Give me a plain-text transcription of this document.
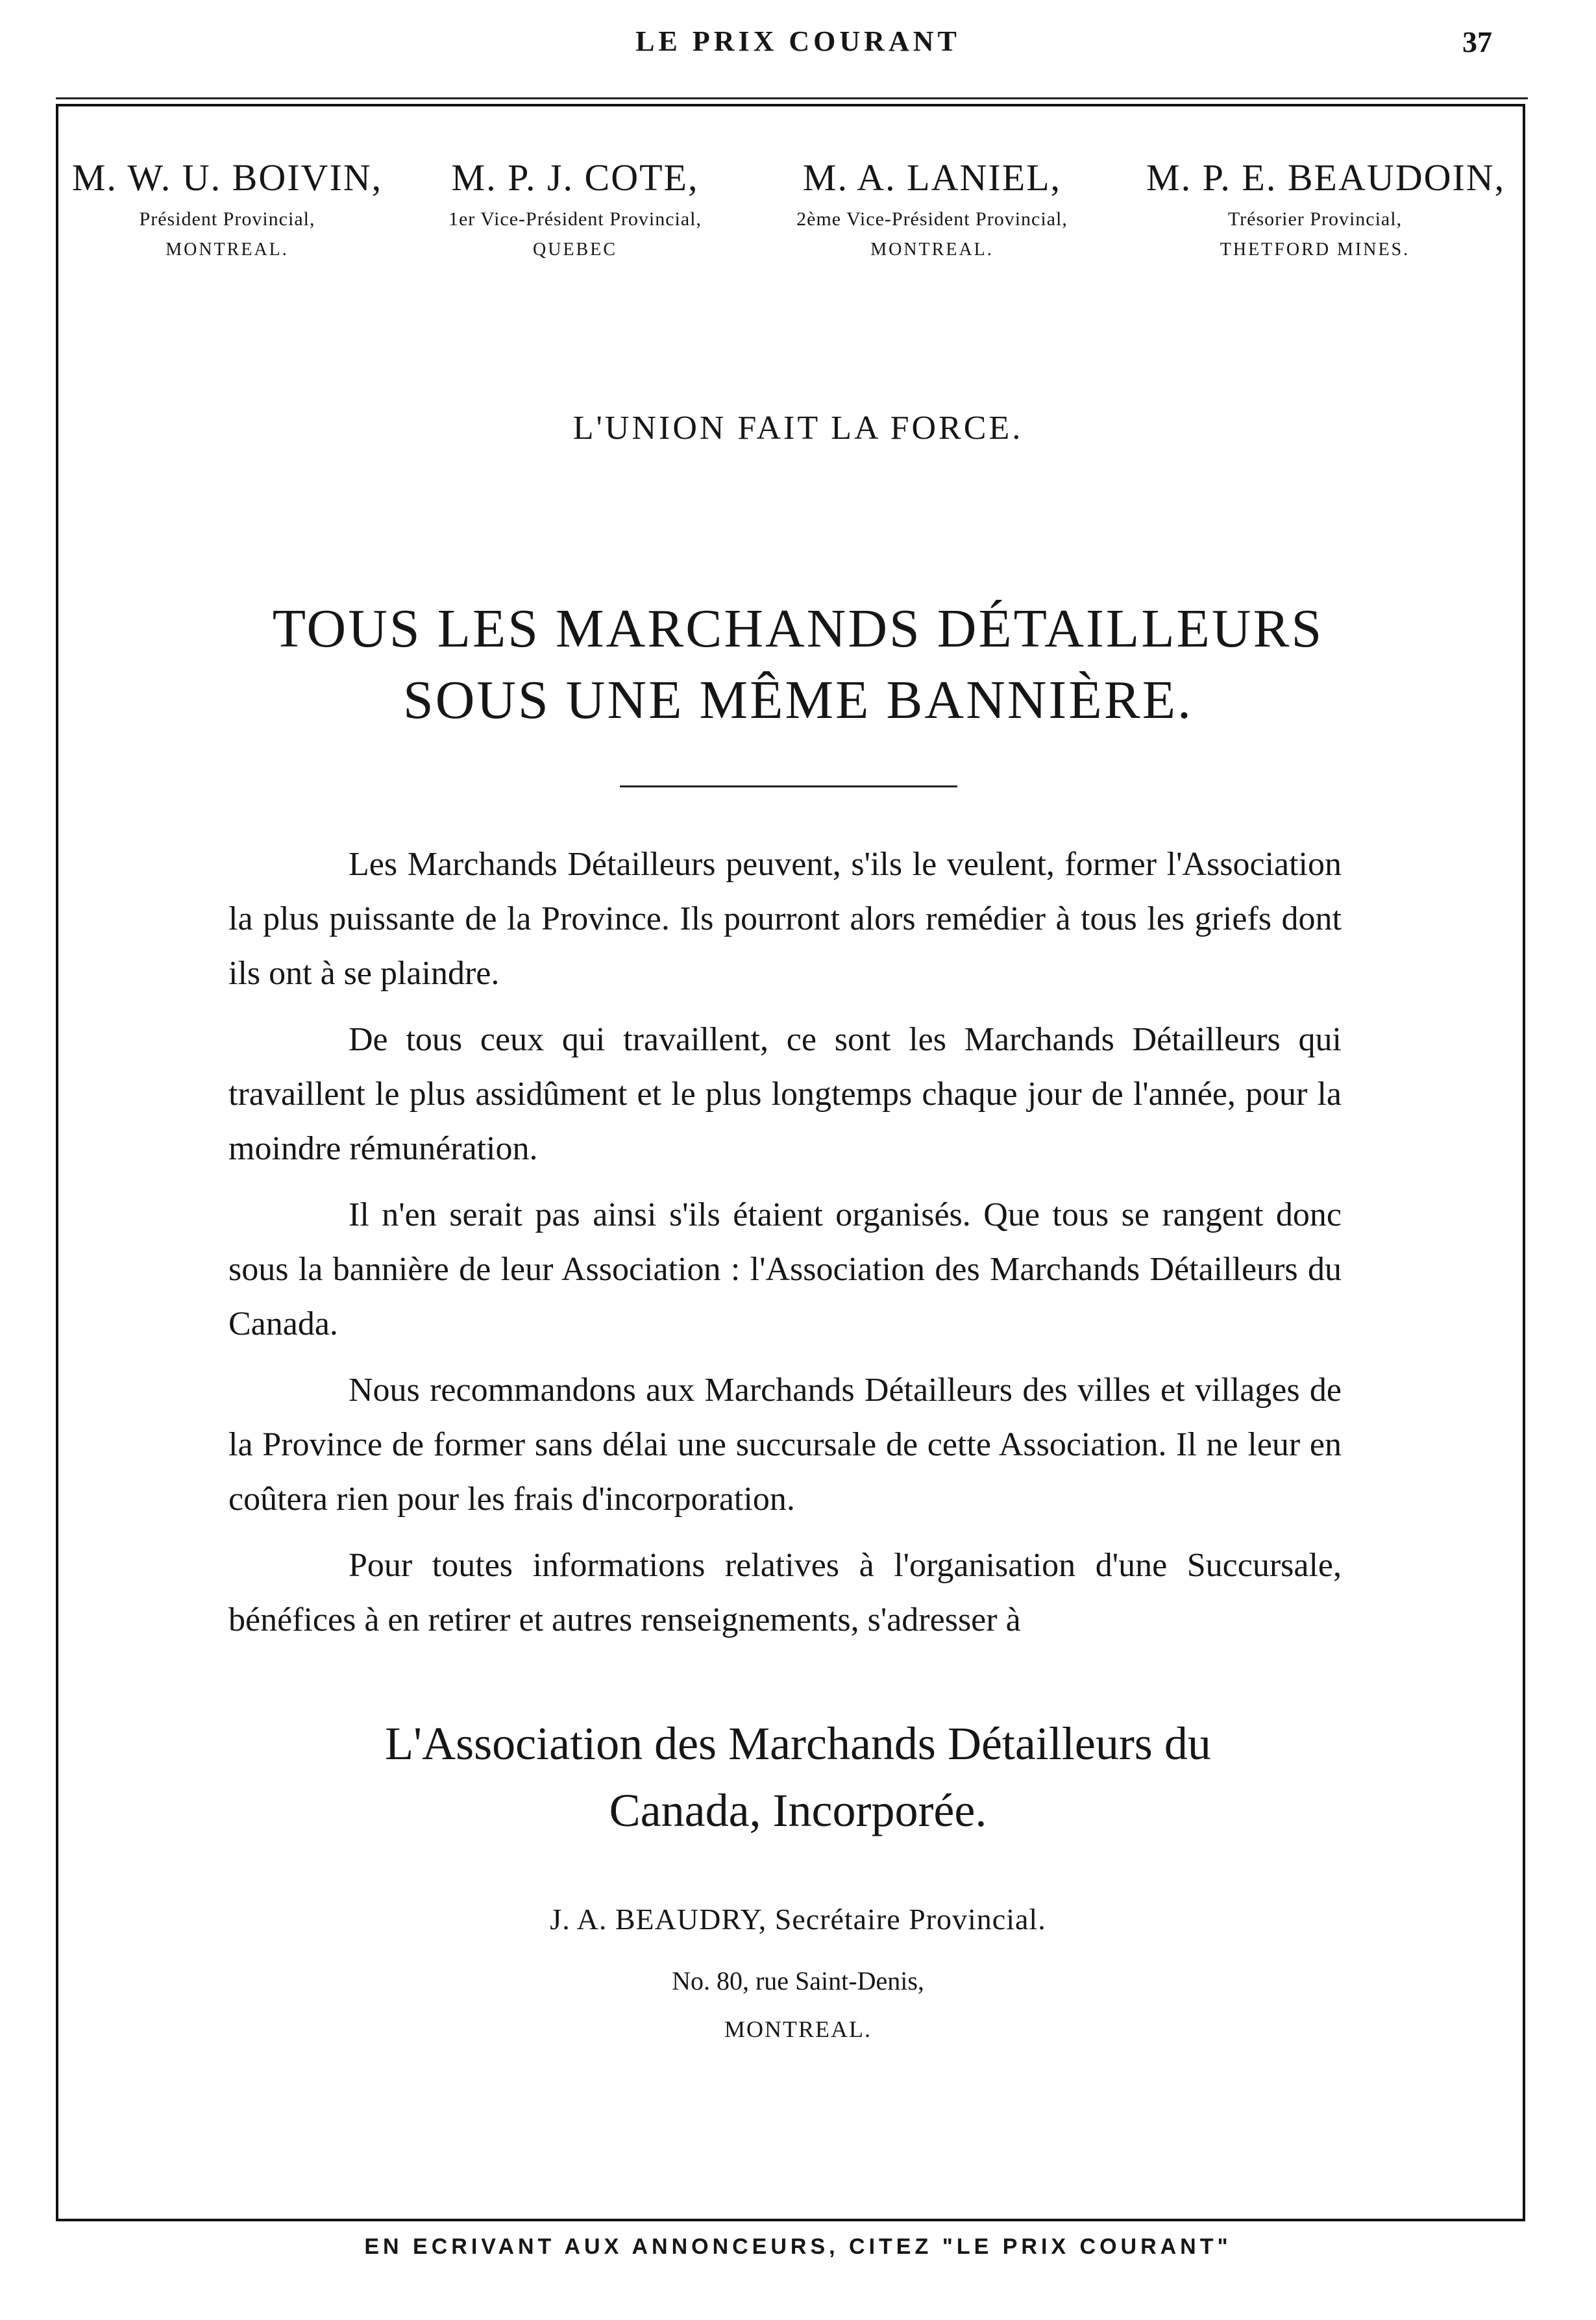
LE PRIX COURANT	37
M. W. U. BOIVIN,
Président Provincial,
MONTREAL.
M. P. J. COTE,
1er Vice-Président Provincial,
QUEBEC
M. A. LANIEL,
2ème Vice-Président Provincial,
MONTREAL.
M. P. E. BEAUDOIN,
Trésorier Provincial,
THETFORD MINES.
L'UNION FAIT LA FORCE.
TOUS LES MARCHANDS DÉTAILLEURS
SOUS UNE MÊME BANNIÈRE.

Les Marchands Détailleurs peuvent, s'ils le veulent, former l'Association la plus puissante de la Province. Ils pourront alors remédier à tous les griefs dont ils ont à se plaindre.

De tous ceux qui travaillent, ce sont les Marchands Détailleurs qui travaillent le plus assidûment et le plus longtemps chaque jour de l'année, pour la moindre rémunération.

Il n'en serait pas ainsi s'ils étaient organisés. Que tous se rangent donc sous la bannière de leur Association : l'Association des Marchands Détailleurs du Canada.

Nous recommandons aux Marchands Détailleurs des villes et villages de la Province de former sans délai une succursale de cette Association. Il ne leur en coûtera rien pour les frais d'incorporation.

Pour toutes informations relatives à l'organisation d'une Succursale, bénéfices à en retirer et autres renseignements, s'adresser à

L'Association des Marchands Détailleurs du
Canada, Incorporée.
J. A. BEAUDRY, Secrétaire Provincial.
No. 80, rue Saint-Denis,
MONTREAL.
EN ECRIVANT AUX ANNONCEURS, CITEZ "LE PRIX COURANT"
